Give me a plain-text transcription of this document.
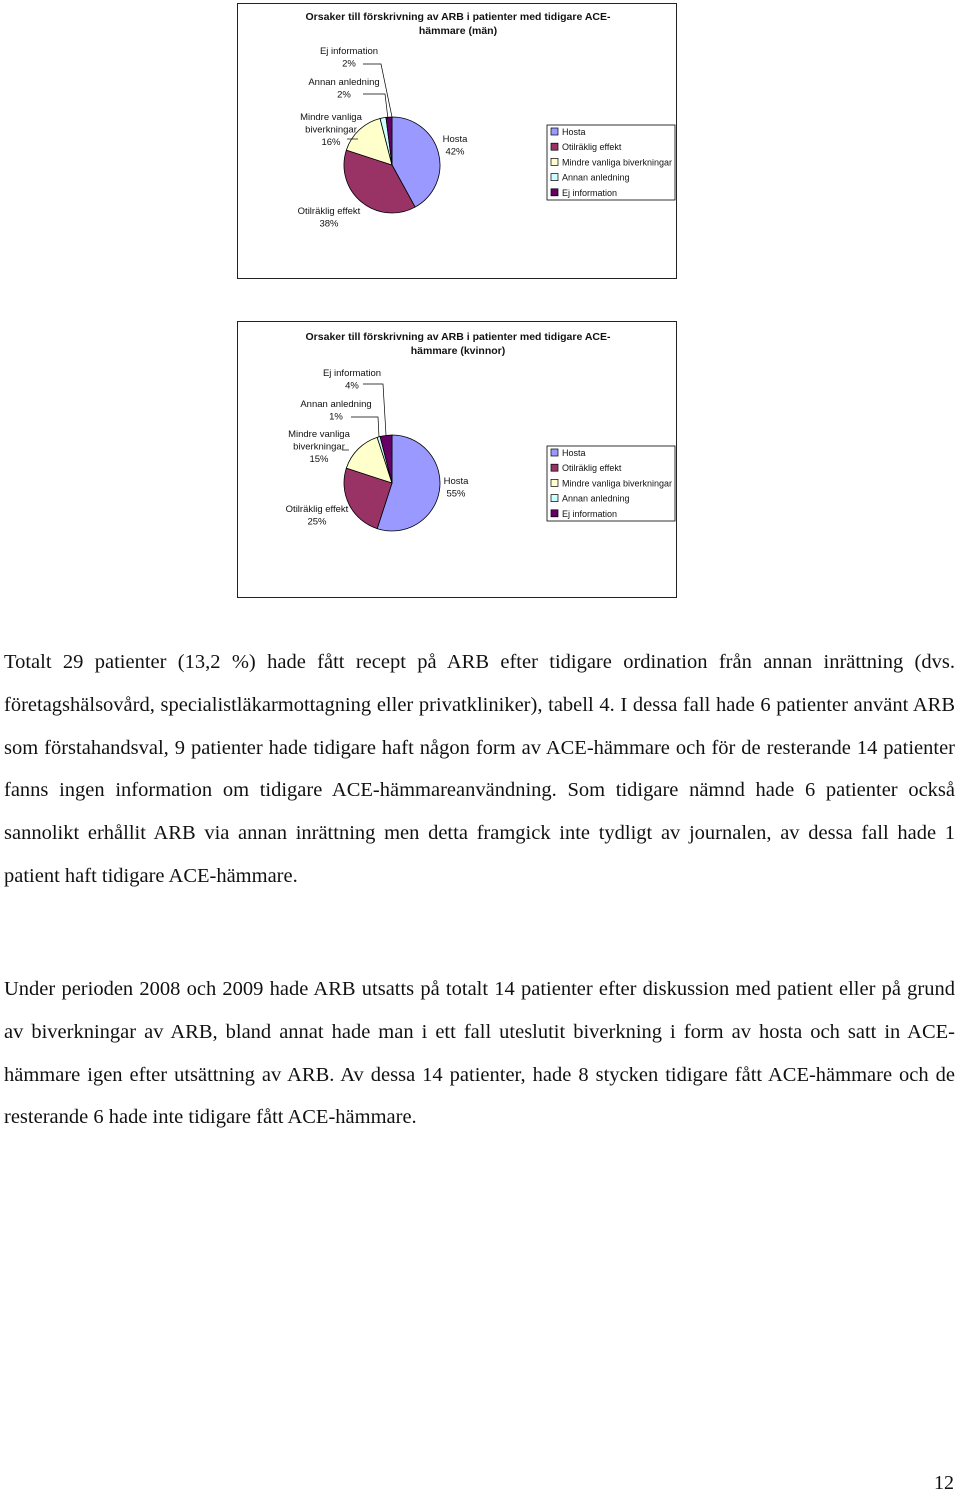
Orsaker till förskrivning av ARB i patienter med tidigare ACE-
hämmare (män)
Hosta 42%
Otilräklig effekt 38%
Mindre vanliga biverkningar 16%
Annan anledning 2%
Ej information 2%
Hosta
Otilräklig effekt
Mindre vanliga biverkningar
Annan anledning
Ej information
Orsaker till förskrivning av ARB i patienter med tidigare ACE-
hämmare (kvinnor)
Hosta 55%
Otilräklig effekt 25%
Mindre vanliga biverkningar 15%
Annan anledning 1%
Ej information 4%
Hosta
Otilräklig effekt
Mindre vanliga biverkningar
Annan anledning
Ej information

Totalt 29 patienter (13,2 %) hade fått recept på ARB efter tidigare ordination från annan inrättning (dvs. företagshälsovård, specialistläkarmottagning eller privatkliniker), tabell 4. I dessa fall hade 6 patienter använt ARB som förstahandsval, 9 patienter hade tidigare haft någon form av ACE-hämmare och för de resterande 14 patienter fanns ingen information om tidigare ACE-hämmareanvändning. Som tidigare nämnd hade 6 patienter också sannolikt erhållit ARB via annan inrättning men detta framgick inte tydligt av journalen, av dessa fall hade 1 patient haft tidigare ACE-hämmare.

Under perioden 2008 och 2009 hade ARB utsatts på totalt 14 patienter efter diskussion med patient eller på grund av biverkningar av ARB, bland annat hade man i ett fall uteslutit biverkning i form av hosta och satt in ACE-hämmare igen efter utsättning av ARB. Av dessa 14 patienter, hade 8 stycken tidigare fått ACE-hämmare och de resterande 6 hade inte tidigare fått ACE-hämmare.

12
